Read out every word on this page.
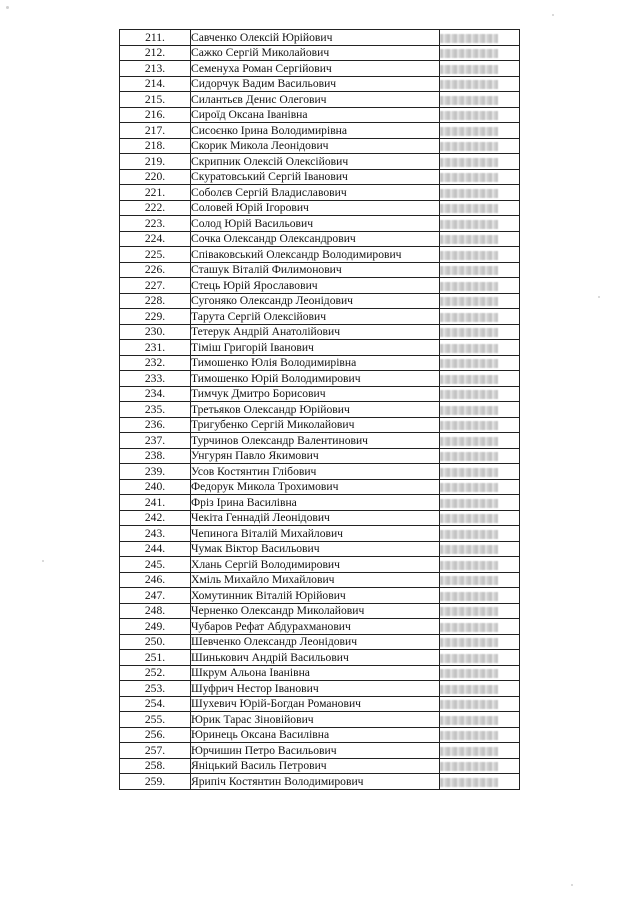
211.	Савченко Олексій Юрійович	
212.	Сажко Сергій Миколайович	
213.	Семенуха Роман Сергійович	
214.	Сидорчук Вадим Васильович	
215.	Силантьєв Денис Олегович	
216.	Сироїд Оксана Іванівна	
217.	Сисоєнко Ірина Володимирівна	
218.	Скорик Микола Леонідович	
219.	Скрипник Олексій Олексійович	
220.	Скуратовський Сергій Іванович	
221.	Соболєв Сергій Владиславович	
222.	Соловей Юрій Ігорович	
223.	Солод Юрій Васильович	
224.	Сочка Олександр Олександрович	
225.	Співаковський Олександр Володимирович	
226.	Сташук Віталій Филимонович	
227.	Стець Юрій Ярославович	
228.	Сугоняко Олександр Леонідович	
229.	Тарута Сергій Олексійович	
230.	Тетерук Андрій Анатолійович	
231.	Тіміш Григорій Іванович	
232.	Тимошенко Юлія Володимирівна	
233.	Тимошенко Юрій Володимирович	
234.	Тимчук Дмитро Борисович	
235.	Третьяков Олександр Юрійович	
236.	Тригубенко Сергій Миколайович	
237.	Турчинов Олександр Валентинович	
238.	Унгурян Павло Якимович	
239.	Усов Костянтин Глібович	
240.	Федорук Микола Трохимович	
241.	Фріз Ірина Василівна	
242.	Чекіта Геннадій Леонідович	
243.	Чепинога Віталій Михайлович	
244.	Чумак Віктор Васильович	
245.	Хлань Сергій Володимирович	
246.	Хміль Михайло Михайлович	
247.	Хомутинник Віталій Юрійович	
248.	Черненко Олександр Миколайович	
249.	Чубаров Рефат Абдурахманович	
250.	Шевченко Олександр Леонідович	
251.	Шинькович Андрій Васильович	
252.	Шкрум Альона Іванівна	
253.	Шуфрич Нестор Іванович	
254.	Шухевич Юрій-Богдан Романович	
255.	Юрик Тарас Зіновійович	
256.	Юринець Оксана Василівна	
257.	Юрчишин Петро Васильович	
258.	Яніцький Василь Петрович	
259.	Ярипіч Костянтин Володимирович	
